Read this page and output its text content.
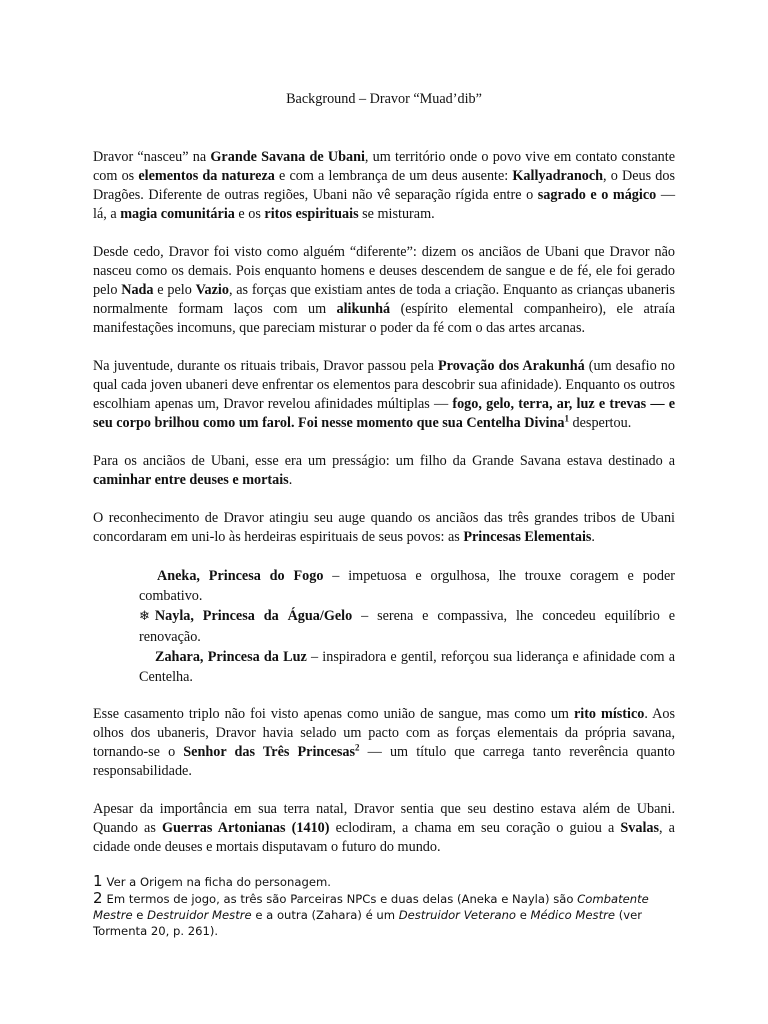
Background – Dravor “Muad’dib”

Dravor “nasceu” na Grande Savana de Ubani, um território onde o povo vive em contato constante com os elementos da natureza e com a lembrança de um deus ausente: Kallyadranoch, o Deus dos Dragões. Diferente de outras regiões, Ubani não vê separação rígida entre o sagrado e o mágico — lá, a magia comunitária e os ritos espirituais se misturam.

Desde cedo, Dravor foi visto como alguém “diferente”: dizem os anciãos de Ubani que Dravor não nasceu como os demais. Pois enquanto homens e deuses descendem de sangue e de fé, ele foi gerado pelo Nada e pelo Vazio, as forças que existiam antes de toda a criação. Enquanto as crianças ubaneris normalmente formam laços com um alikunhá (espírito elemental companheiro), ele atraía manifestações incomuns, que pareciam misturar o poder da fé com o das artes arcanas.

Na juventude, durante os rituais tribais, Dravor passou pela Provação dos Arakunhá (um desafio no qual cada joven ubaneri deve enfrentar os elementos para descobrir sua afinidade). Enquanto os outros escolhiam apenas um, Dravor revelou afinidades múltiplas — fogo, gelo, terra, ar, luz e trevas — e seu corpo brilhou como um farol. Foi nesse momento que sua Centelha Divina$^1$ despertou.

Para os anciãos de Ubani, esse era um presságio: um filho da Grande Savana estava destinado a caminhar entre deuses e mortais.

O reconhecimento de Dravor atingiu seu auge quando os anciãos das três grandes tribos de Ubani concordaram em uni-lo às herdeiras espirituais de seus povos: as Princesas Elementais.

Aneka, Princesa do Fogo – impetuosa e orgulhosa, lhe trouxe coragem e poder combativo.

❄ Nayla, Princesa da Água/Gelo – serena e compassiva, lhe concedeu equilíbrio e renovação.

Zahara, Princesa da Luz – inspiradora e gentil, reforçou sua liderança e afinidade com a Centelha.

Esse casamento triplo não foi visto apenas como união de sangue, mas como um rito místico. Aos olhos dos ubaneris, Dravor havia selado um pacto com as forças elementais da própria savana, tornando-se o Senhor das Três Princesas$^2$ — um título que carrega tanto reverência quanto responsabilidade.

Apesar da importância em sua terra natal, Dravor sentia que seu destino estava além de Ubani. Quando as Guerras Artonianas (1410) eclodiram, a chama em seu coração o guiou a Svalas, a cidade onde deuses e mortais disputavam o futuro do mundo.

1 Ver a Origem na ficha do personagem.

2 Em termos de jogo, as três são Parceiras NPCs e duas delas (Aneka e Nayla) são Combatente Mestre e Destruidor Mestre e a outra (Zahara) é um Destruidor Veterano e Médico Mestre (ver Tormenta 20, p. 261).
